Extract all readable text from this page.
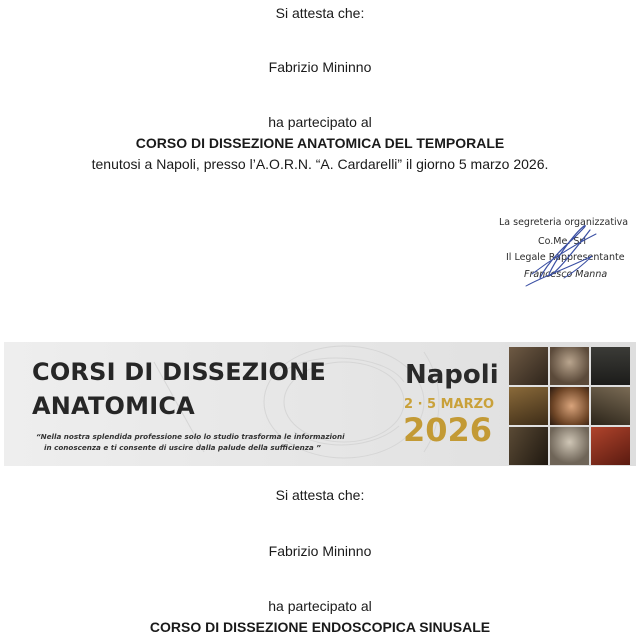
Si attesta che:
Fabrizio Mininno
ha partecipato al
CORSO DI DISSEZIONE ANATOMICA DEL TEMPORALE
tenutosi a Napoli, presso l’A.O.R.N. “A. Cardarelli” il giorno 5 marzo 2026.
La segreteria organizzativa
Co.Me. Srl
Il Legale Rappresentante
Francesco Manna
CORSI DI DISSEZIONE
ANATOMICA
“Nella nostra splendida professione solo lo studio trasforma le informazioni
in conoscenza e ti consente di uscire dalla palude della sufficienza ”
Napoli
2 · 5 MARZO
2026
Si attesta che:
Fabrizio Mininno
ha partecipato al
CORSO DI DISSEZIONE ENDOSCOPICA SINUSALE
